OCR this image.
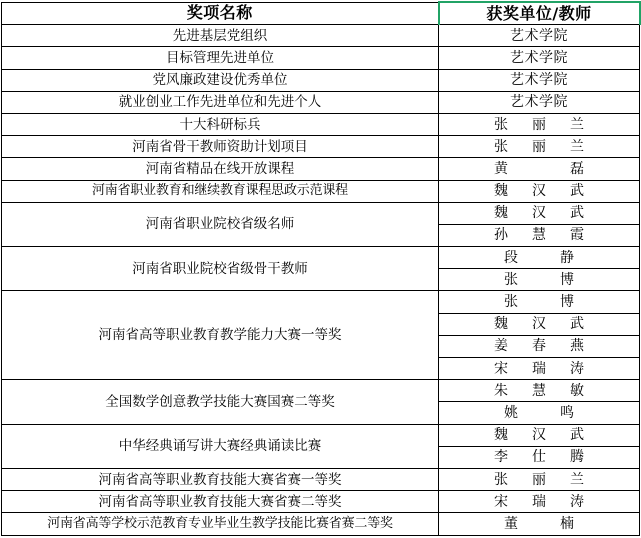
奖项名称	获奖单位/教师
先进基层党组织	艺术学院
目标管理先进单位	艺术学院
党风廉政建设优秀单位	艺术学院
就业创业工作先进单位和先进个人	艺术学院
十大科研标兵	张丽兰

河南省骨干教师资助计划项目	张丽兰

河南省精品在线开放课程	黄磊

河南省职业教育和继续教育课程思政示范课程	魏汉武

河南省职业院校省级名师	魏汉武

	孙慧霞

河南省职业院校省级骨干教师	段静

	张博

河南省高等职业教育教学能力大赛一等奖	张博

	魏汉武

	姜春燕

	宋瑞涛

全国数学创意教学技能大赛国赛二等奖	朱慧敏

	姚鸣

中华经典诵写讲大赛经典诵读比赛	魏汉武

	李仕腾

河南省高等职业教育技能大赛省赛一等奖	张丽兰

河南省高等职业教育技能大赛省赛二等奖	宋瑞涛

河南省高等学校示范教育专业毕业生教学技能比赛省赛二等奖	董楠
